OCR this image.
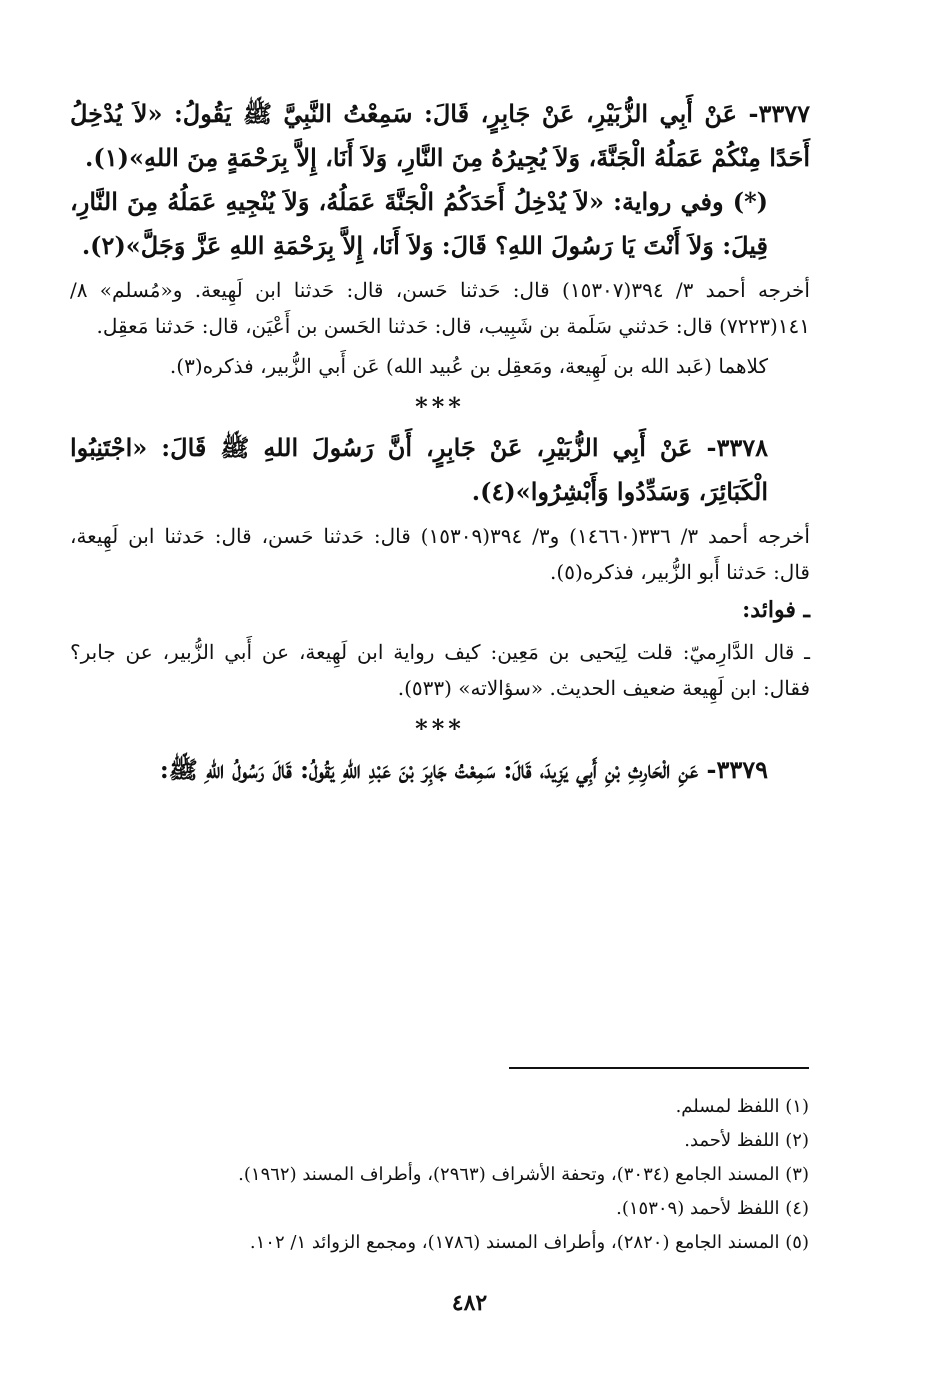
٣٣٧٧- عَنْ أَبِي الزُّبَيْرِ، عَنْ جَابِرٍ، قَالَ: سَمِعْتُ النَّبِيَّ ﷺ يَقُولُ: «لاَ يُدْخِلُ أَحَدًا مِنْكُمْ عَمَلُهُ الْجَنَّةَ، وَلاَ يُجِيرُهُ مِنَ النَّارِ، وَلاَ أَنَا، إِلاَّ بِرَحْمَةٍ مِنَ اللهِ»(١).

(*) وفي رواية: «لاَ يُدْخِلُ أَحَدَكُمُ الْجَنَّةَ عَمَلُهُ، وَلاَ يُنْجِيهِ عَمَلُهُ مِنَ النَّارِ، قِيلَ: وَلاَ أَنْتَ يَا رَسُولَ اللهِ؟ قَالَ: وَلاَ أَنَا، إِلاَّ بِرَحْمَةِ اللهِ عَزَّ وَجَلَّ»(٢).

أخرجه أحمد ٣/ ٣٩٤(١٥٣٠٧) قال: حَدثنا حَسن، قال: حَدثنا ابن لَهِيعة. و«مُسلم» ٨/ ١٤١(٧٢٢٣) قال: حَدثني سَلَمة بن شَبِيب، قال: حَدثنا الحَسن بن أَعْيَن، قال: حَدثنا مَعقِل.

كلاهما (عَبد الله بن لَهِيعة، ومَعقِل بن عُبيد الله) عَن أَبي الزُّبير، فذكره(٣).

***

٣٣٧٨- عَنْ أَبِي الزُّبَيْرِ، عَنْ جَابِرٍ، أَنَّ رَسُولَ اللهِ ﷺ قَالَ: «اجْتَنِبُوا الْكَبَائِرَ، وَسَدِّدُوا وَأَبْشِرُوا»(٤).

أخرجه أحمد ٣/ ٣٣٦(١٤٦٦٠) و٣/ ٣٩٤(١٥٣٠٩) قال: حَدثنا حَسن، قال: حَدثنا ابن لَهِيعة، قال: حَدثنا أَبو الزُّبير، فذكره(٥).

ـ فوائد:

ـ قال الدَّارِميّ: قلت لِيَحيى بن مَعِين: كيف رواية ابن لَهِيعة، عن أَبي الزُّبير، عن جابر؟ فقال: ابن لَهِيعة ضعيف الحديث. «سؤالاته» (٥٣٣).

***

٣٣٧٩- عَنِ الْحَارِثِ بْنِ أَبِي يَزِيدَ، قَالَ: سَمِعْتُ جَابِرَ بْنَ عَبْدِ اللهِ يَقُولُ: قَالَ رَسُولُ اللهِ ﷺ:

(١) اللفظ لمسلم.

(٢) اللفظ لأحمد.

(٣) المسند الجامع (٣٠٣٤)، وتحفة الأشراف (٢٩٦٣)، وأطراف المسند (١٩٦٢).

(٤) اللفظ لأحمد (١٥٣٠٩).

(٥) المسند الجامع (٢٨٢٠)، وأطراف المسند (١٧٨٦)، ومجمع الزوائد ١/ ١٠٢.

٤٨٢
